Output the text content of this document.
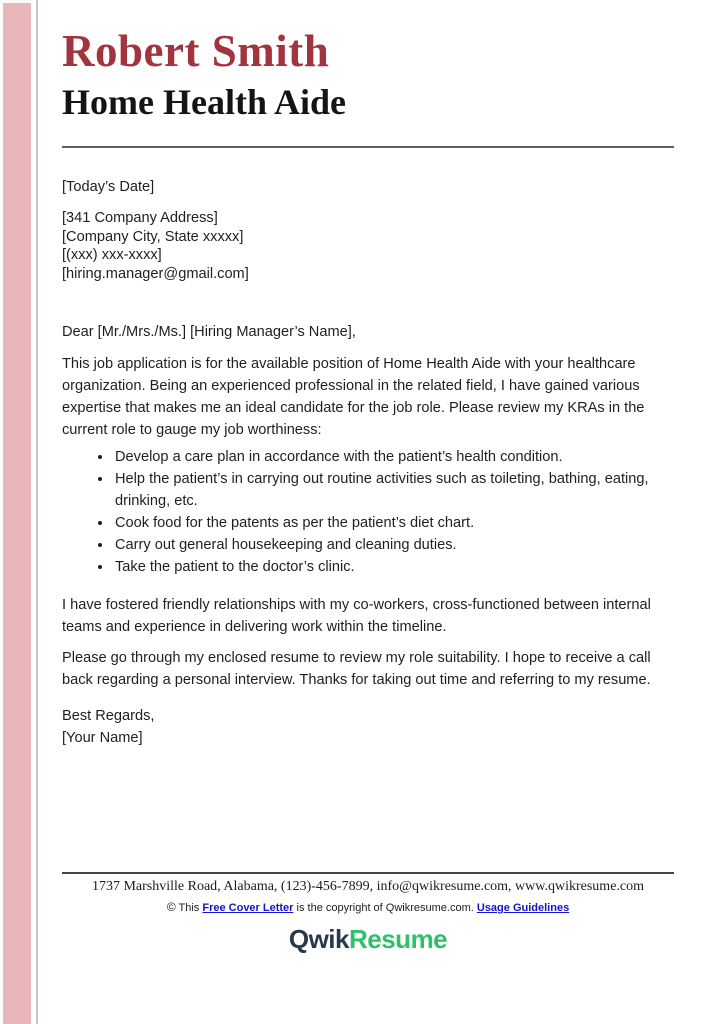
Robert Smith
Home Health Aide

[Today’s Date]

[341 Company Address]

[Company City, State xxxxx]

[(xxx) xxx-xxxx]

[hiring.manager@gmail.com]

Dear [Mr./Mrs./Ms.] [Hiring Manager’s Name],

This job application is for the available position of Home Health Aide with your healthcare organization. Being an experienced professional in the related field, I have gained various expertise that makes me an ideal candidate for the job role. Please review my KRAs in the current role to gauge my job worthiness:

• Develop a care plan in accordance with the patient’s health condition.
• Help the patient’s in carrying out routine activities such as toileting, bathing, eating, drinking, etc.
• Cook food for the patents as per the patient’s diet chart.
• Carry out general housekeeping and cleaning duties.
• Take the patient to the doctor’s clinic.

I have fostered friendly relationships with my co-workers, cross-functioned between internal teams and experience in delivering work within the timeline.

Please go through my enclosed resume to review my role suitability. I hope to receive a call back regarding a personal interview. Thanks for taking out time and referring to my resume.

Best Regards,

[Your Name]

1737 Marshville Road, Alabama, (123)-456-7899, info@qwikresume.com, www.qwikresume.com

© This Free Cover Letter is the copyright of Qwikresume.com. Usage Guidelines

QwikResume
